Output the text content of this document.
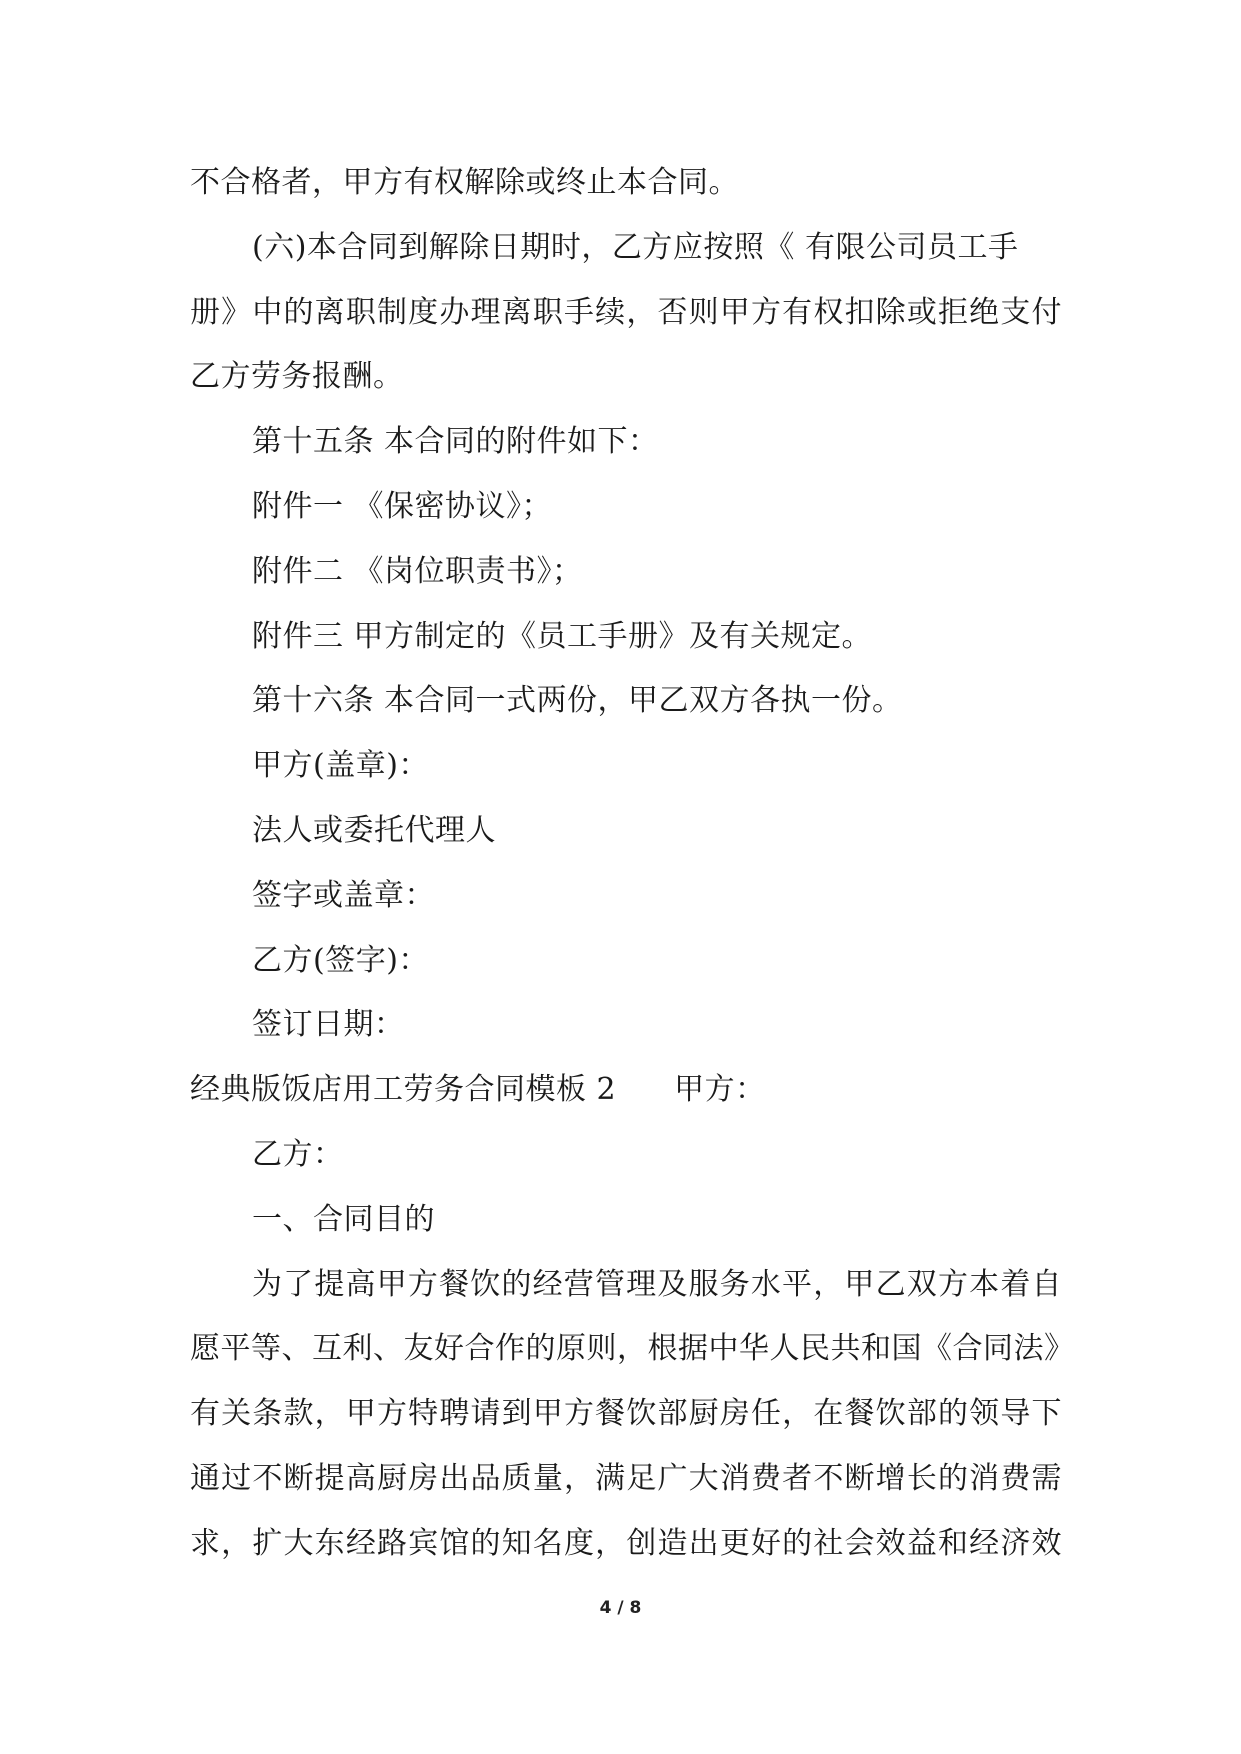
不合格者，甲方有权解除或终止本合同。
(六)本合同到解除日期时，乙方应按照《 有限公司员工手
册》中的离职制度办理离职手续，否则甲方有权扣除或拒绝支付
乙方劳务报酬。
第十五条 本合同的附件如下：
附件一 《保密协议》；
附件二 《岗位职责书》；
附件三 甲方制定的《员工手册》及有关规定。
第十六条 本合同一式两份，甲乙双方各执一份。
甲方(盖章)：
法人或委托代理人
签字或盖章：
乙方(签字)：
签订日期：
经典版饭店用工劳务合同模板 2 甲方：
乙方：
一、合同目的
为了提高甲方餐饮的经营管理及服务水平，甲乙双方本着自
愿平等、互利、友好合作的原则，根据中华人民共和国《合同法》
有关条款，甲方特聘请到甲方餐饮部厨房任，在餐饮部的领导下
通过不断提高厨房出品质量，满足广大消费者不断增长的消费需
求，扩大东经路宾馆的知名度，创造出更好的社会效益和经济效
4 / 8
